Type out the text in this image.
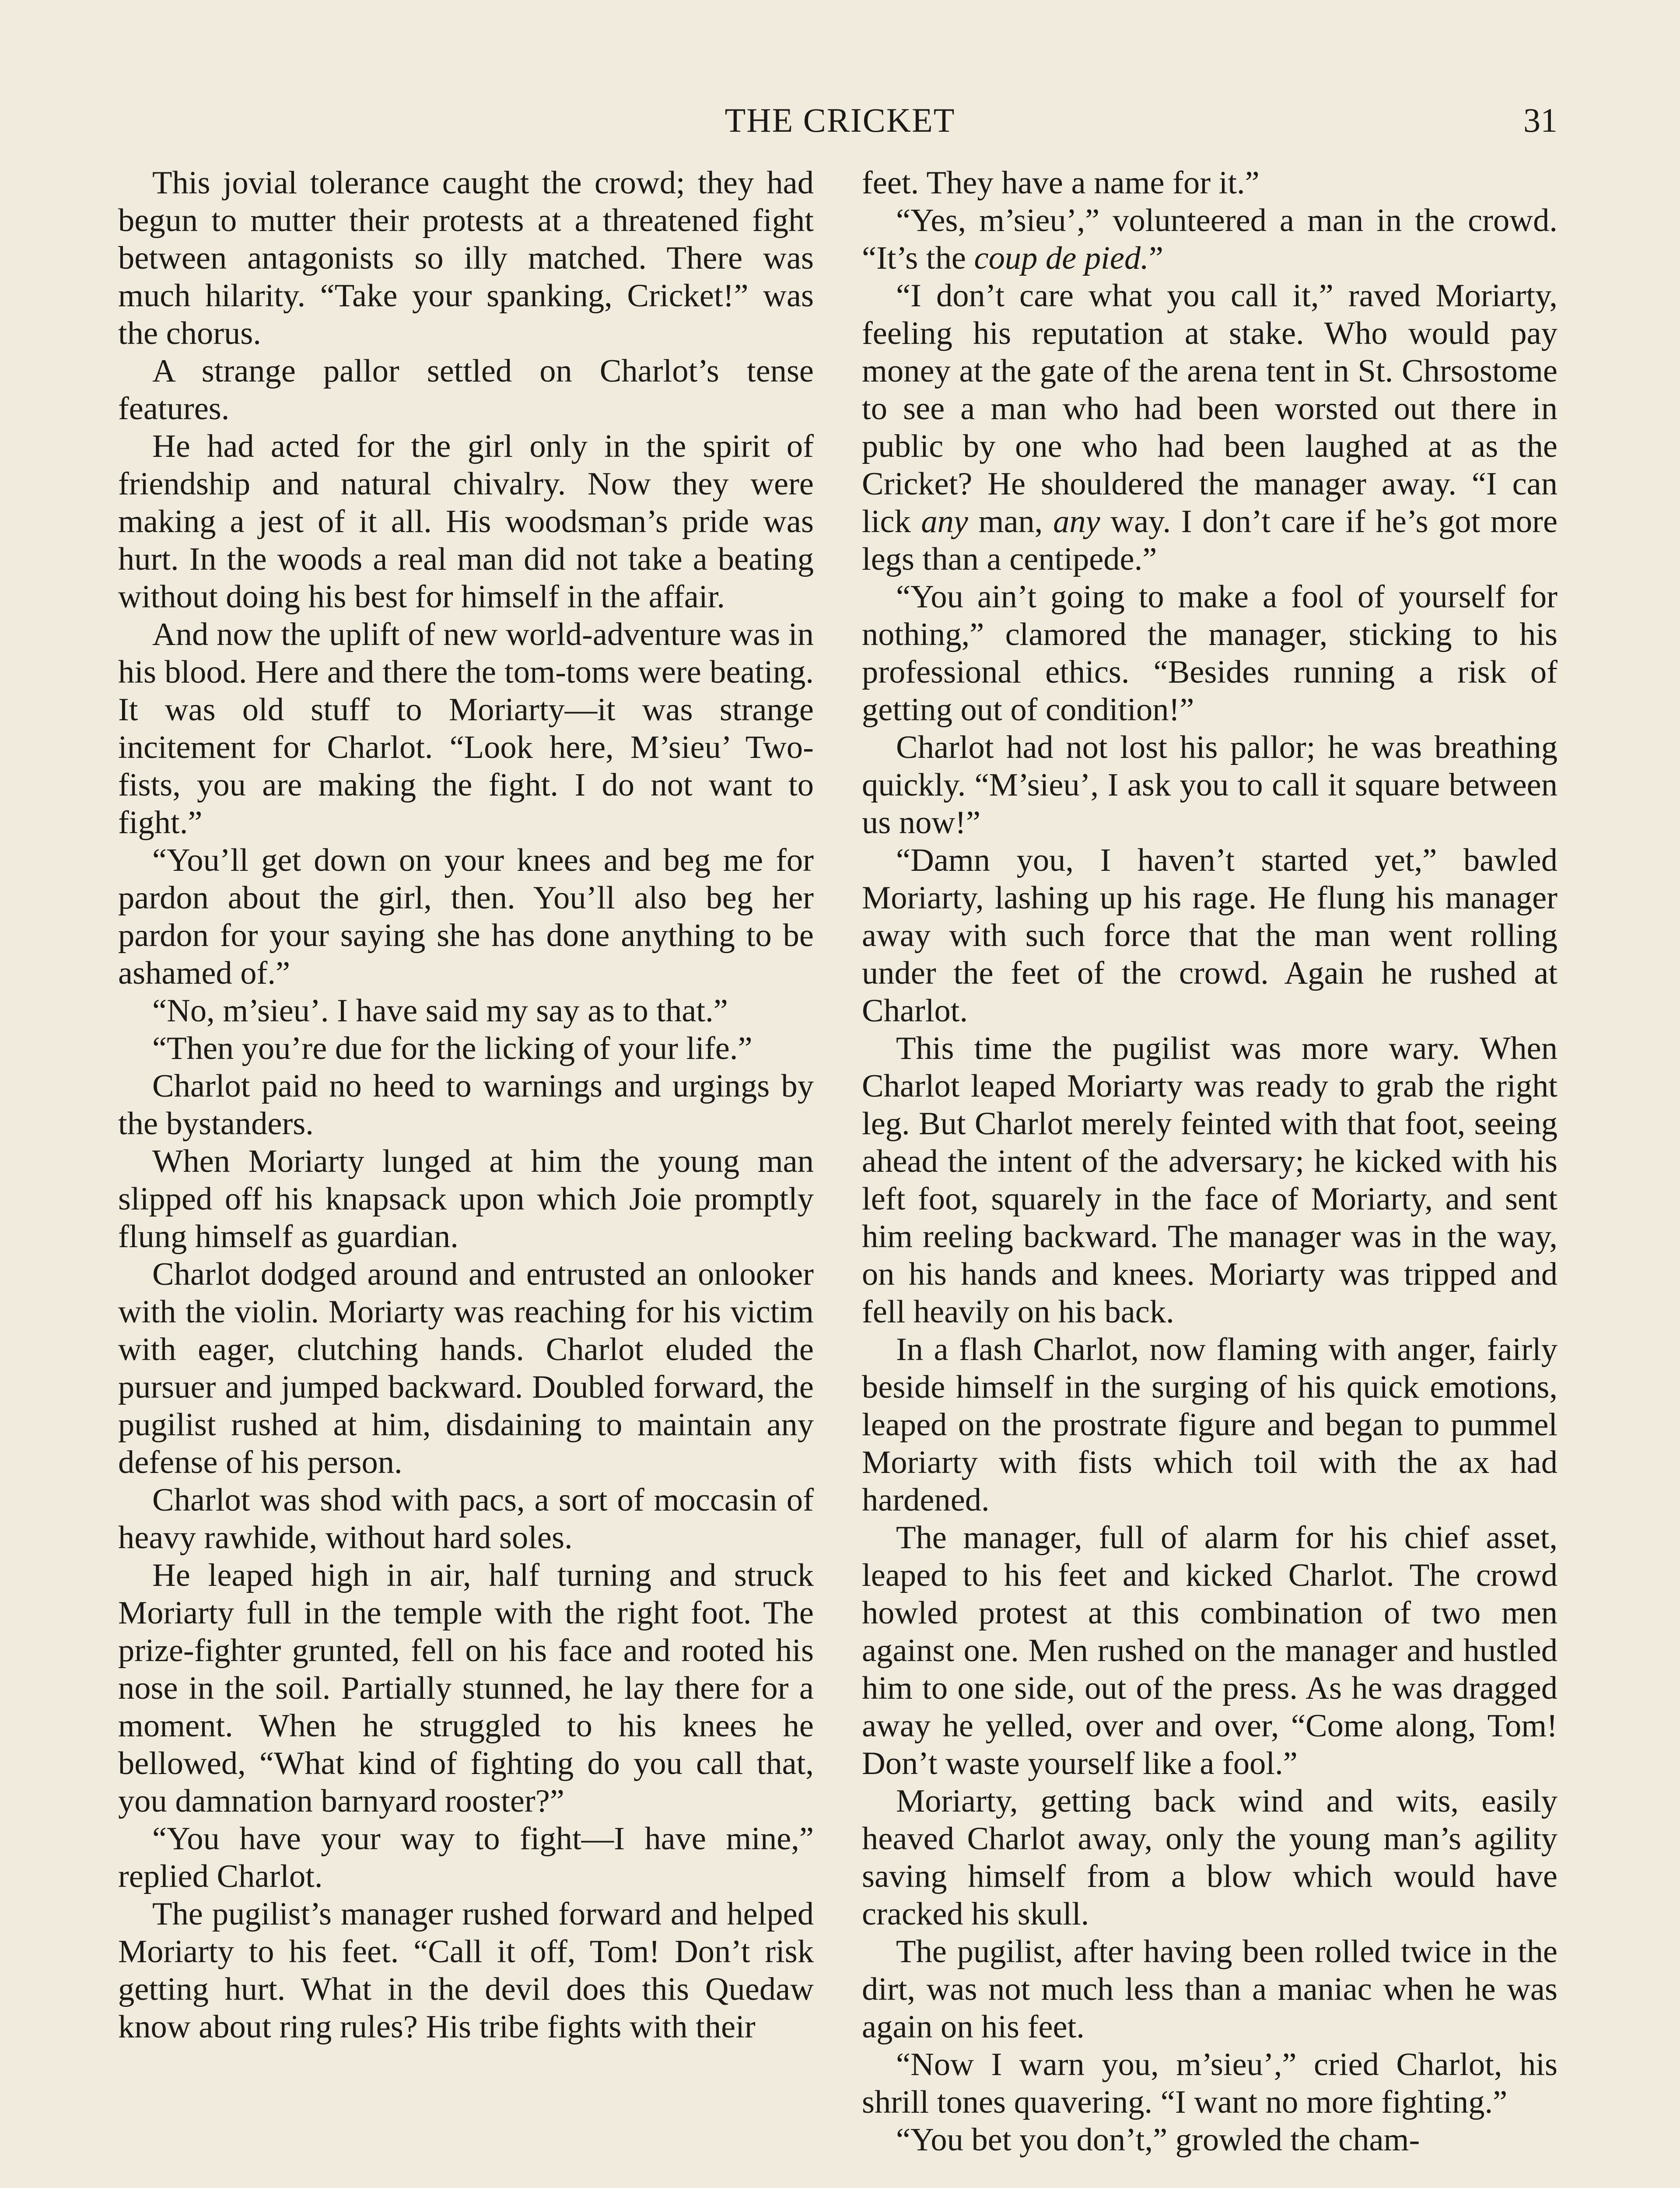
THE CRICKET	31

This jovial tolerance caught the crowd; they had begun to mutter their protests at a threatened fight between antagonists so illy matched. There was much hilarity. “Take your spanking, Cricket!” was the chorus.

A strange pallor settled on Charlot’s tense features.

He had acted for the girl only in the spirit of friendship and natural chivalry. Now they were making a jest of it all. His woodsman’s pride was hurt. In the woods a real man did not take a beating without doing his best for himself in the affair.

And now the uplift of new world-adventure was in his blood. Here and there the tom-toms were beating. It was old stuff to Moriarty—it was strange incitement for Charlot. “Look here, M’sieu’ Two-fists, you are making the fight. I do not want to fight.”

“You’ll get down on your knees and beg me for pardon about the girl, then. You’ll also beg her pardon for your saying she has done anything to be ashamed of.”

“No, m’sieu’. I have said my say as to that.”

“Then you’re due for the licking of your life.”

Charlot paid no heed to warnings and urgings by the bystanders.

When Moriarty lunged at him the young man slipped off his knapsack upon which Joie promptly flung himself as guardian.

Charlot dodged around and entrusted an onlooker with the violin. Moriarty was reaching for his victim with eager, clutching hands. Charlot eluded the pursuer and jumped backward. Doubled forward, the pugilist rushed at him, disdaining to maintain any defense of his person.

Charlot was shod with pacs, a sort of moccasin of heavy rawhide, without hard soles.

He leaped high in air, half turning and struck Moriarty full in the temple with the right foot. The prize-fighter grunted, fell on his face and rooted his nose in the soil. Partially stunned, he lay there for a moment. When he struggled to his knees he bellowed, “What kind of fighting do you call that, you damnation barnyard rooster?”

“You have your way to fight—I have mine,” replied Charlot.

The pugilist’s manager rushed forward and helped Moriarty to his feet. “Call it off, Tom! Don’t risk getting hurt. What in the devil does this Quedaw know about ring rules? His tribe fights with their

feet. They have a name for it.”

“Yes, m’sieu’,” volunteered a man in the crowd. “It’s the coup de pied.”

“I don’t care what you call it,” raved Moriarty, feeling his reputation at stake. Who would pay money at the gate of the arena tent in St. Chrsostome to see a man who had been worsted out there in public by one who had been laughed at as the Cricket? He shouldered the manager away. “I can lick any man, any way. I don’t care if he’s got more legs than a centipede.”

“You ain’t going to make a fool of yourself for nothing,” clamored the manager, sticking to his professional ethics. “Besides running a risk of getting out of condition!”

Charlot had not lost his pallor; he was breathing quickly. “M’sieu’, I ask you to call it square between us now!”

“Damn you, I haven’t started yet,” bawled Moriarty, lashing up his rage. He flung his manager away with such force that the man went rolling under the feet of the crowd. Again he rushed at Charlot.

This time the pugilist was more wary. When Charlot leaped Moriarty was ready to grab the right leg. But Charlot merely feinted with that foot, seeing ahead the intent of the adversary; he kicked with his left foot, squarely in the face of Moriarty, and sent him reeling backward. The manager was in the way, on his hands and knees. Moriarty was tripped and fell heavily on his back.

In a flash Charlot, now flaming with anger, fairly beside himself in the surging of his quick emotions, leaped on the prostrate figure and began to pummel Moriarty with fists which toil with the ax had hardened.

The manager, full of alarm for his chief asset, leaped to his feet and kicked Charlot. The crowd howled protest at this combination of two men against one. Men rushed on the manager and hustled him to one side, out of the press. As he was dragged away he yelled, over and over, “Come along, Tom! Don’t waste yourself like a fool.”

Moriarty, getting back wind and wits, easily heaved Charlot away, only the young man’s agility saving himself from a blow which would have cracked his skull.

The pugilist, after having been rolled twice in the dirt, was not much less than a maniac when he was again on his feet.

“Now I warn you, m’sieu’,” cried Charlot, his shrill tones quavering. “I want no more fighting.”

“You bet you don’t,” growled the cham-
